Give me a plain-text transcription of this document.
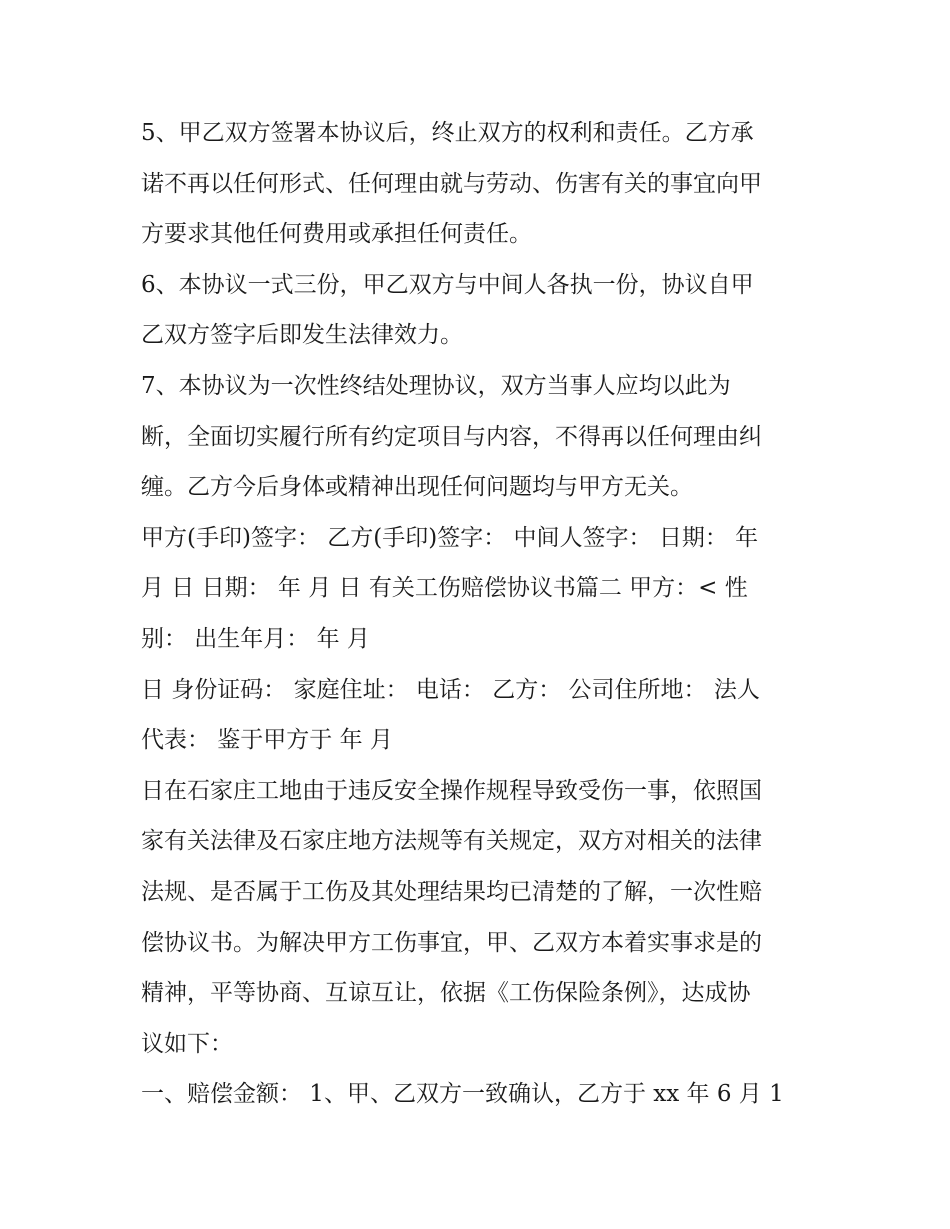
5、甲乙双方签署本协议后，终止双方的权利和责任。乙方承
诺不再以任何形式、任何理由就与劳动、伤害有关的事宜向甲
方要求其他任何费用或承担任何责任。
6、本协议一式三份，甲乙双方与中间人各执一份，协议自甲
乙双方签字后即发生法律效力。
7、本协议为一次性终结处理协议，双方当事人应均以此为
断，全面切实履行所有约定项目与内容，不得再以任何理由纠
缠。乙方今后身体或精神出现任何问题均与甲方无关。
甲方(手印)签字： 乙方(手印)签字： 中间人签字： 日期： 年
月 日 日期： 年 月 日 有关工伤赔偿协议书篇二 甲方：< 性
别： 出生年月： 年 月
日 身份证码： 家庭住址： 电话： 乙方： 公司住所地： 法人
代表： 鉴于甲方于 年 月
日在石家庄工地由于违反安全操作规程导致受伤一事，依照国
家有关法律及石家庄地方法规等有关规定，双方对相关的法律
法规、是否属于工伤及其处理结果均已清楚的了解，一次性赔
偿协议书。为解决甲方工伤事宜，甲、乙双方本着实事求是的
精神，平等协商、互谅互让，依据《工伤保险条例》，达成协
议如下：
一、赔偿金额： 1、甲、乙双方一致确认，乙方于 xx 年 6 月 1
